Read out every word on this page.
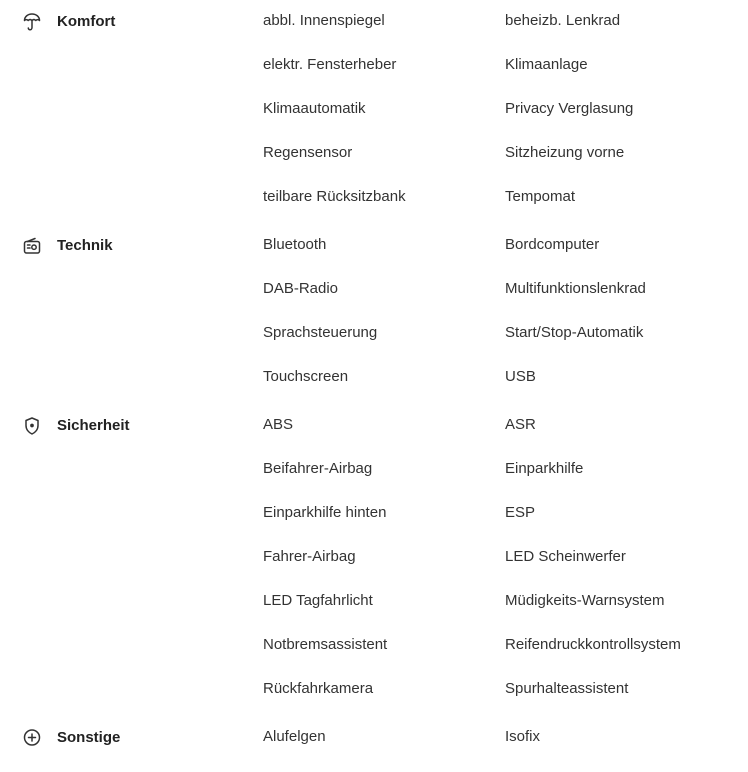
Komfort	abbl. Innenspiegel	beheizb. Lenkrad
elektr. Fensterheber	Klimaanlage
Klimaautomatik	Privacy Verglasung
Regensensor	Sitzheizung vorne
teilbare Rücksitzbank	Tempomat
Technik	Bluetooth	Bordcomputer
DAB-Radio	Multifunktionslenkrad
Sprachsteuerung	Start/Stop-Automatik
Touchscreen	USB
Sicherheit	ABS	ASR
Beifahrer-Airbag	Einparkhilfe
Einparkhilfe hinten	ESP
Fahrer-Airbag	LED Scheinwerfer
LED Tagfahrlicht	Müdigkeits-Warnsystem
Notbremsassistent	Reifendruckkontrollsystem
Rückfahrkamera	Spurhalteassistent
Sonstige	Alufelgen	Isofix
